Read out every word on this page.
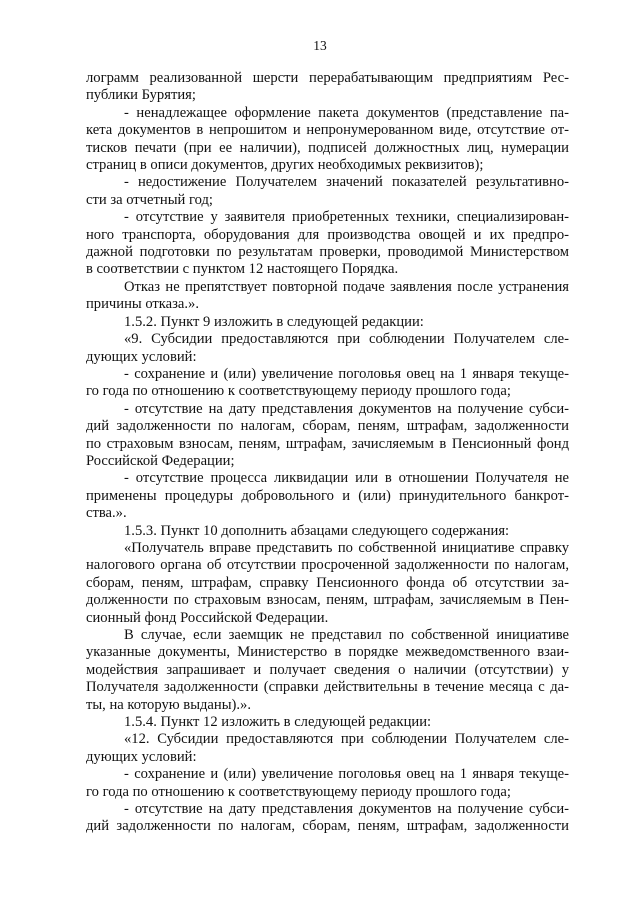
13

лограмм реализованной шерсти перерабатывающим предприятиям Рес-

публики Бурятия;

- ненадлежащее оформление пакета документов (представление па-

кета документов в непрошитом и непронумерованном виде, отсутствие от-

тисков печати (при ее наличии), подписей должностных лиц, нумерации

страниц в описи документов, других необходимых реквизитов);

- недостижение Получателем значений показателей результативно-

сти за отчетный год;

- отсутствие у заявителя приобретенных техники, специализирован-

ного транспорта, оборудования для производства овощей и их предпро-

дажной подготовки по результатам проверки, проводимой Министерством

в соответствии с пунктом 12 настоящего Порядка.

Отказ не препятствует повторной подаче заявления после устранения

причины отказа.».

1.5.2. Пункт 9 изложить в следующей редакции:

«9. Субсидии предоставляются при соблюдении Получателем сле-

дующих условий:

- сохранение и (или) увеличение поголовья овец на 1 января текуще-

го года по отношению к соответствующему периоду прошлого года;

- отсутствие на дату представления документов на получение субси-

дий задолженности по налогам, сборам, пеням, штрафам, задолженности

по страховым взносам, пеням, штрафам, зачисляемым в Пенсионный фонд

Российской Федерации;

- отсутствие процесса ликвидации или в отношении Получателя не

применены процедуры добровольного и (или) принудительного банкрот-

ства.».

1.5.3. Пункт 10 дополнить абзацами следующего содержания:

«Получатель вправе представить по собственной инициативе справку

налогового органа об отсутствии просроченной задолженности по налогам,

сборам, пеням, штрафам, справку Пенсионного фонда об отсутствии за-

долженности по страховым взносам, пеням, штрафам, зачисляемым в Пен-

сионный фонд Российской Федерации.

В случае, если заемщик не представил по собственной инициативе

указанные документы, Министерство в порядке межведомственного взаи-

модействия запрашивает и получает сведения о наличии (отсутствии) у

Получателя задолженности (справки действительны в течение месяца с да-

ты, на которую выданы).».

1.5.4. Пункт 12 изложить в следующей редакции:

«12. Субсидии предоставляются при соблюдении Получателем сле-

дующих условий:

- сохранение и (или) увеличение поголовья овец на 1 января текуще-

го года по отношению к соответствующему периоду прошлого года;

- отсутствие на дату представления документов на получение субси-

дий задолженности по налогам, сборам, пеням, штрафам, задолженности
